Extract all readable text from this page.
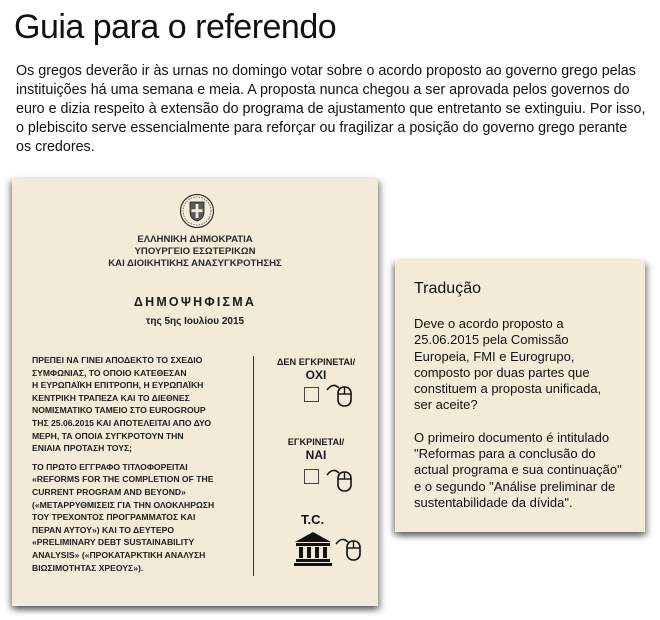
Guia para o referendo
Os gregos deverão ir às urnas no domingo votar sobre o acordo proposto ao governo grego pelas instituições há uma semana e meia. A proposta nunca chegou a ser aprovada pelos governos do euro e dizia respeito à extensão do programa de ajustamento que entretanto se extinguiu. Por isso, o plebiscito serve essencialmente para reforçar ou fragilizar a posição do governo grego perante os credores.
ΕΛΛΗΝΙΚΗ ΔΗΜΟΚΡΑΤΙΑ
ΥΠΟΥΡΓΕΙΟ ΕΣΩΤΕΡΙΚΩΝ
ΚΑΙ ΔΙΟΙΚΗΤΙΚΗΣ ΑΝΑΣΥΓΚΡΟΤΗΣΗΣ
ΔΗΜΟΨΗΦΙΣΜΑ
της 5ης Ιουλίου 2015
ΠΡΕΠΕΙ ΝΑ ΓΙΝΕΙ ΑΠΟΔΕΚΤΟ ΤΟ ΣΧΕΔΙΟ
ΣΥΜΦΩΝΙΑΣ, ΤΟ ΟΠΟΙΟ ΚΑΤΕΘΕΣΑΝ
Η ΕΥΡΩΠΑΪΚΗ ΕΠΙΤΡΟΠΗ, Η ΕΥΡΩΠΑΪΚΗ
ΚΕΝΤΡΙΚΗ ΤΡΑΠΕΖΑ ΚΑΙ ΤΟ ΔΙΕΘΝΕΣ
ΝΟΜΙΣΜΑΤΙΚΟ ΤΑΜΕΙΟ ΣΤΟ EUROGROUP
ΤΗΣ 25.06.2015 ΚΑΙ ΑΠΟΤΕΛΕΙΤΑΙ ΑΠΟ ΔΥΟ
ΜΕΡΗ, ΤΑ ΟΠΟΙΑ ΣΥΓΚΡΟΤΟΥΝ ΤΗΝ
ΕΝΙΑΙΑ ΠΡΟΤΑΣΗ ΤΟΥΣ;
ΤΟ ΠΡΩΤΟ ΕΓΓΡΑΦΟ ΤΙΤΛΟΦΟΡΕΙΤΑΙ
«REFORMS FOR THE COMPLETION OF THE
CURRENT PROGRAM AND BEYOND»
(«ΜΕΤΑΡΡΥΘΜΙΣΕΙΣ ΓΙΑ ΤΗΝ ΟΛΟΚΛΗΡΩΣΗ
ΤΟΥ ΤΡΕΧΟΝΤΟΣ ΠΡΟΓΡΑΜΜΑΤΟΣ ΚΑΙ
ΠΕΡΑΝ ΑΥΤΟΥ») ΚΑΙ ΤΟ ΔΕΥΤΕΡΟ
«PRELIMINARY DEBT SUSTAINABILITY
ANALYSIS» («ΠΡΟΚΑΤΑΡΚΤΙΚΗ ΑΝΑΛΥΣΗ
ΒΙΩΣΙΜΟΤΗΤΑΣ ΧΡΕΟΥΣ»).
ΔΕΝ ΕΓΚΡΙΝΕΤΑΙ/
ΟΧΙ
ΕΓΚΡΙΝΕΤΑΙ/
ΝΑΙ
T.C.
Tradução
Deve o acordo proposto a
25.06.2015 pela Comissão
Europeia, FMI e Eurogrupo,
composto por duas partes que
constituem a proposta unificada,
ser aceite?
O primeiro documento é intitulado
"Reformas para a conclusão do
actual programa e sua continuação"
e o segundo "Análise preliminar de
sustentabilidade da dívida".
